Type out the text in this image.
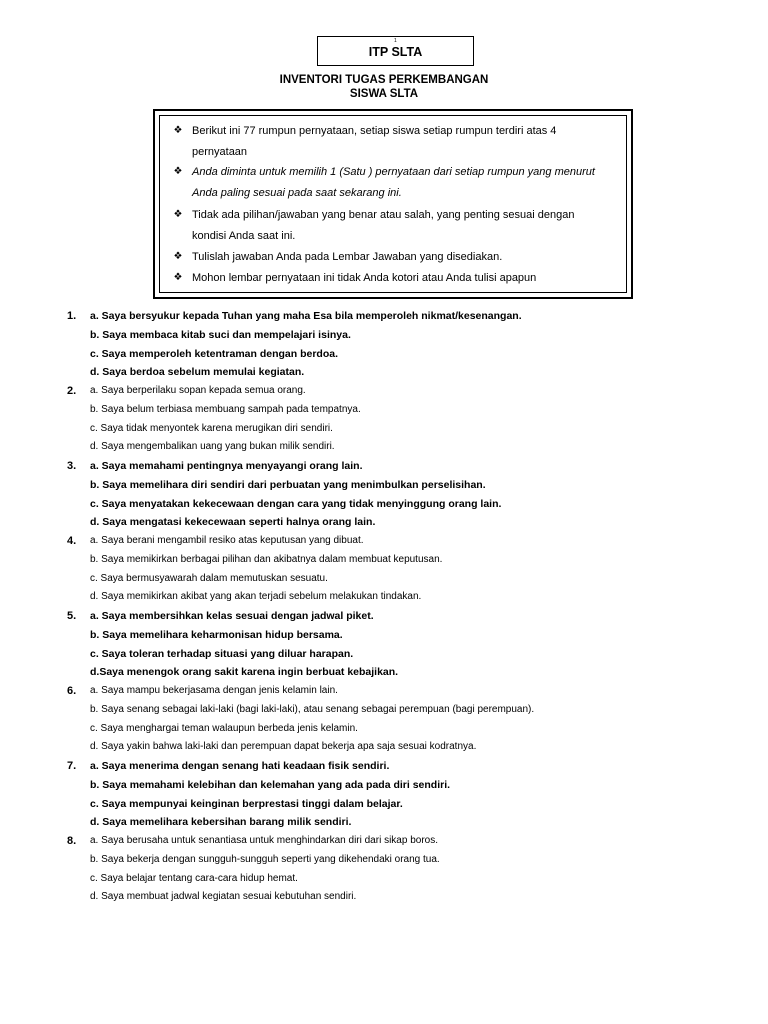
1
ITP SLTA
INVENTORI TUGAS PERKEMBANGAN
SISWA SLTA
❖ Berikut ini 77 rumpun pernyataan, setiap siswa setiap rumpun terdiri atas 4
pernyataan
❖ Anda diminta untuk memilih 1 (Satu ) pernyataan dari setiap rumpun yang menurut
Anda paling sesuai pada saat sekarang ini.
❖ Tidak ada pilihan/jawaban yang benar atau salah, yang penting sesuai dengan
kondisi Anda saat ini.
❖ Tulislah jawaban Anda pada Lembar Jawaban yang disediakan.
❖ Mohon lembar pernyataan ini tidak Anda kotori atau Anda tulisi apapun
1. a. Saya bersyukur kepada Tuhan yang maha Esa bila memperoleh nikmat/kesenangan.
b. Saya membaca kitab suci dan mempelajari isinya.
c. Saya memperoleh ketentraman dengan berdoa.
d. Saya berdoa sebelum memulai kegiatan.
2. a. Saya berperilaku sopan kepada semua orang.
b. Saya belum terbiasa membuang sampah pada tempatnya.
c. Saya tidak menyontek karena merugikan diri sendiri.
d. Saya mengembalikan uang yang bukan milik sendiri.
3. a. Saya memahami pentingnya menyayangi orang lain.
b. Saya memelihara diri sendiri dari perbuatan yang menimbulkan perselisihan.
c. Saya menyatakan kekecewaan dengan cara yang tidak menyinggung orang lain.
d. Saya mengatasi kekecewaan seperti halnya orang lain.
4. a. Saya berani mengambil resiko atas keputusan yang dibuat.
b. Saya memikirkan berbagai pilihan dan akibatnya dalam membuat keputusan.
c. Saya bermusyawarah dalam memutuskan sesuatu.
d. Saya memikirkan akibat yang akan terjadi sebelum melakukan tindakan.
5. a. Saya membersihkan kelas sesuai dengan jadwal piket.
b. Saya memelihara keharmonisan hidup bersama.
c. Saya toleran terhadap situasi yang diluar harapan.
d.Saya menengok orang sakit karena ingin berbuat kebajikan.
6. a. Saya mampu bekerjasama dengan jenis kelamin lain.
b. Saya senang sebagai laki-laki (bagi laki-laki), atau senang sebagai perempuan (bagi perempuan).
c. Saya menghargai teman walaupun berbeda jenis kelamin.
d. Saya yakin bahwa laki-laki dan perempuan dapat bekerja apa saja sesuai kodratnya.
7. a. Saya menerima dengan senang hati keadaan fisik sendiri.
b. Saya memahami kelebihan dan kelemahan yang ada pada diri sendiri.
c. Saya mempunyai keinginan berprestasi tinggi dalam belajar.
d. Saya memelihara kebersihan barang milik sendiri.
8. a. Saya berusaha untuk senantiasa untuk menghindarkan diri dari sikap boros.
b. Saya bekerja dengan sungguh-sungguh seperti yang dikehendaki orang tua.
c. Saya belajar tentang cara-cara hidup hemat.
d. Saya membuat jadwal kegiatan sesuai kebutuhan sendiri.
